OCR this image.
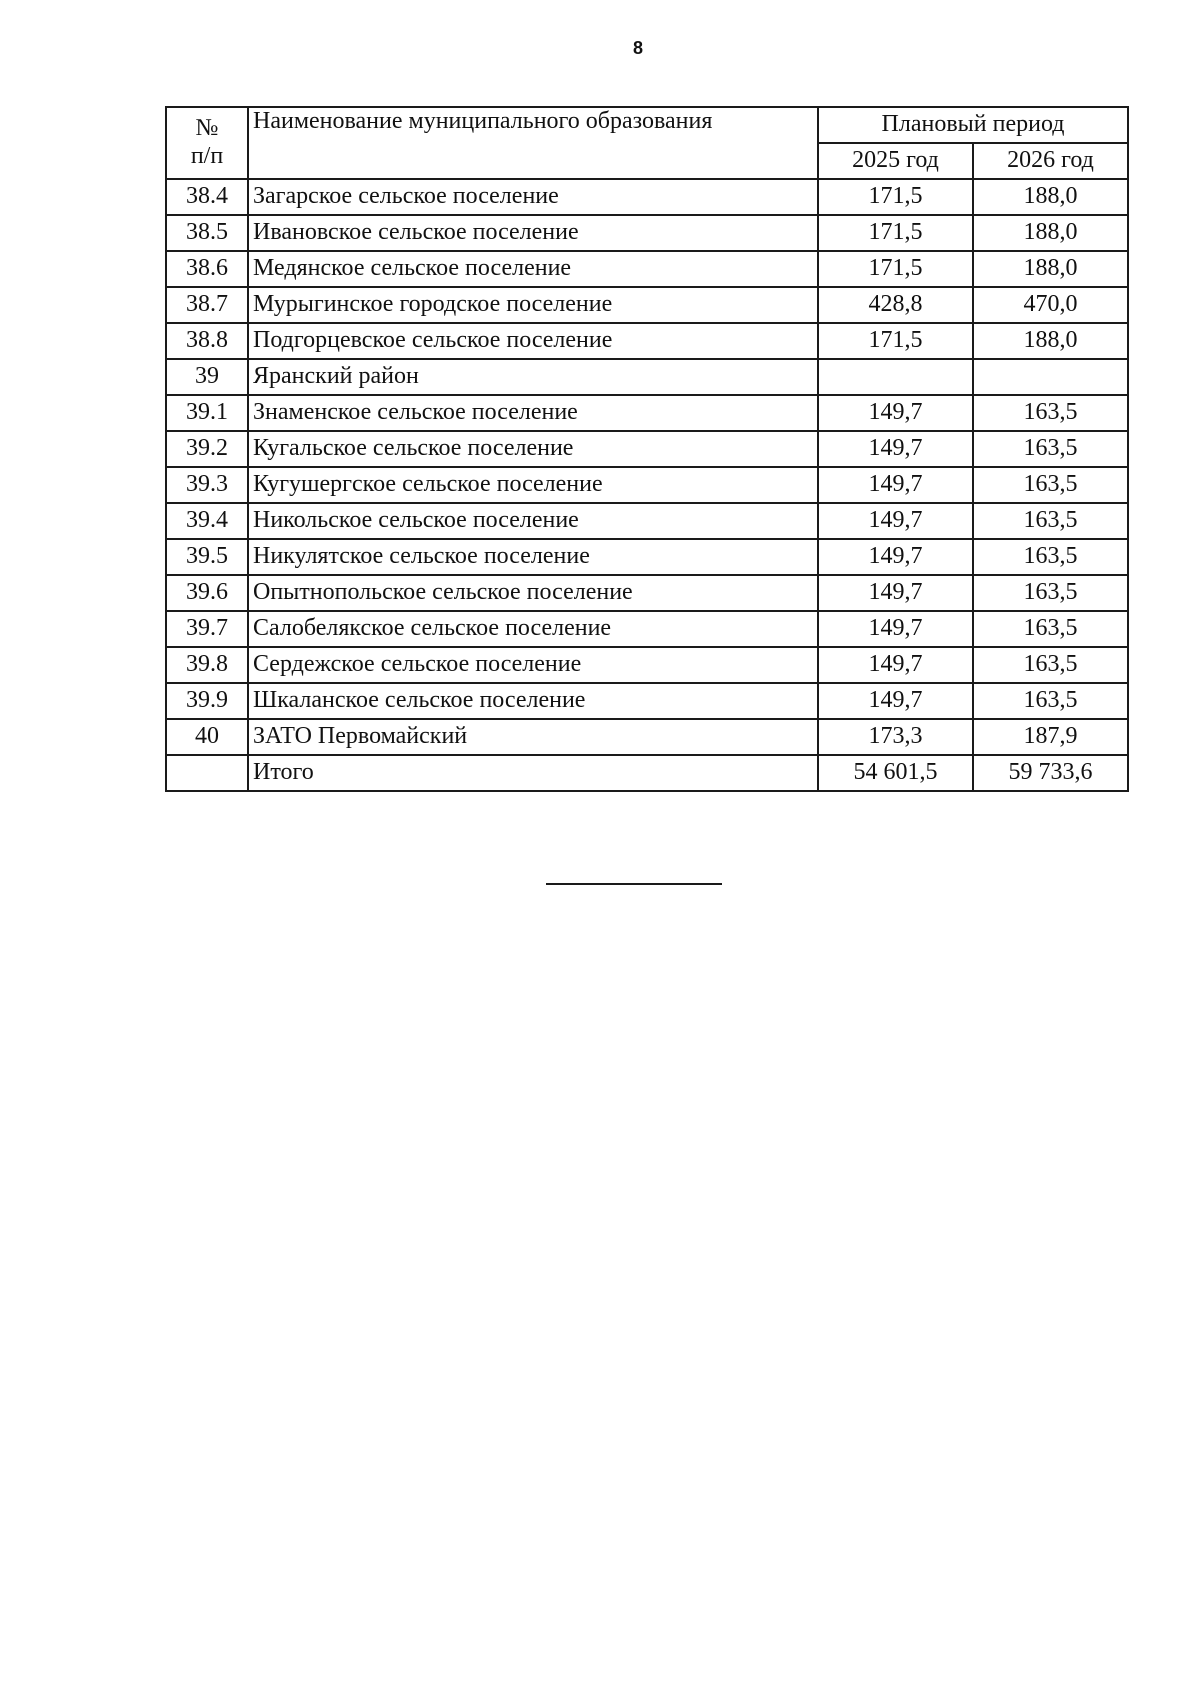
8
№
п/п	Наименование муниципального образования	Плановый период	
		2025 год	2026 год
38.4	Загарское сельское поселение	171,5	188,0
38.5	Ивановское сельское поселение	171,5	188,0
38.6	Медянское сельское поселение	171,5	188,0
38.7	Мурыгинское городское поселение	428,8	470,0
38.8	Подгорцевское сельское поселение	171,5	188,0
39	Яранский район		
39.1	Знаменское сельское поселение	149,7	163,5
39.2	Кугальское сельское поселение	149,7	163,5
39.3	Кугушергское сельское поселение	149,7	163,5
39.4	Никольское сельское поселение	149,7	163,5
39.5	Никулятское сельское поселение	149,7	163,5
39.6	Опытнопольское сельское поселение	149,7	163,5
39.7	Салобелякское сельское поселение	149,7	163,5
39.8	Сердежское сельское поселение	149,7	163,5
39.9	Шкаланское сельское поселение	149,7	163,5
40	ЗАТО Первомайский	173,3	187,9
	Итого	54 601,5	59 733,6
